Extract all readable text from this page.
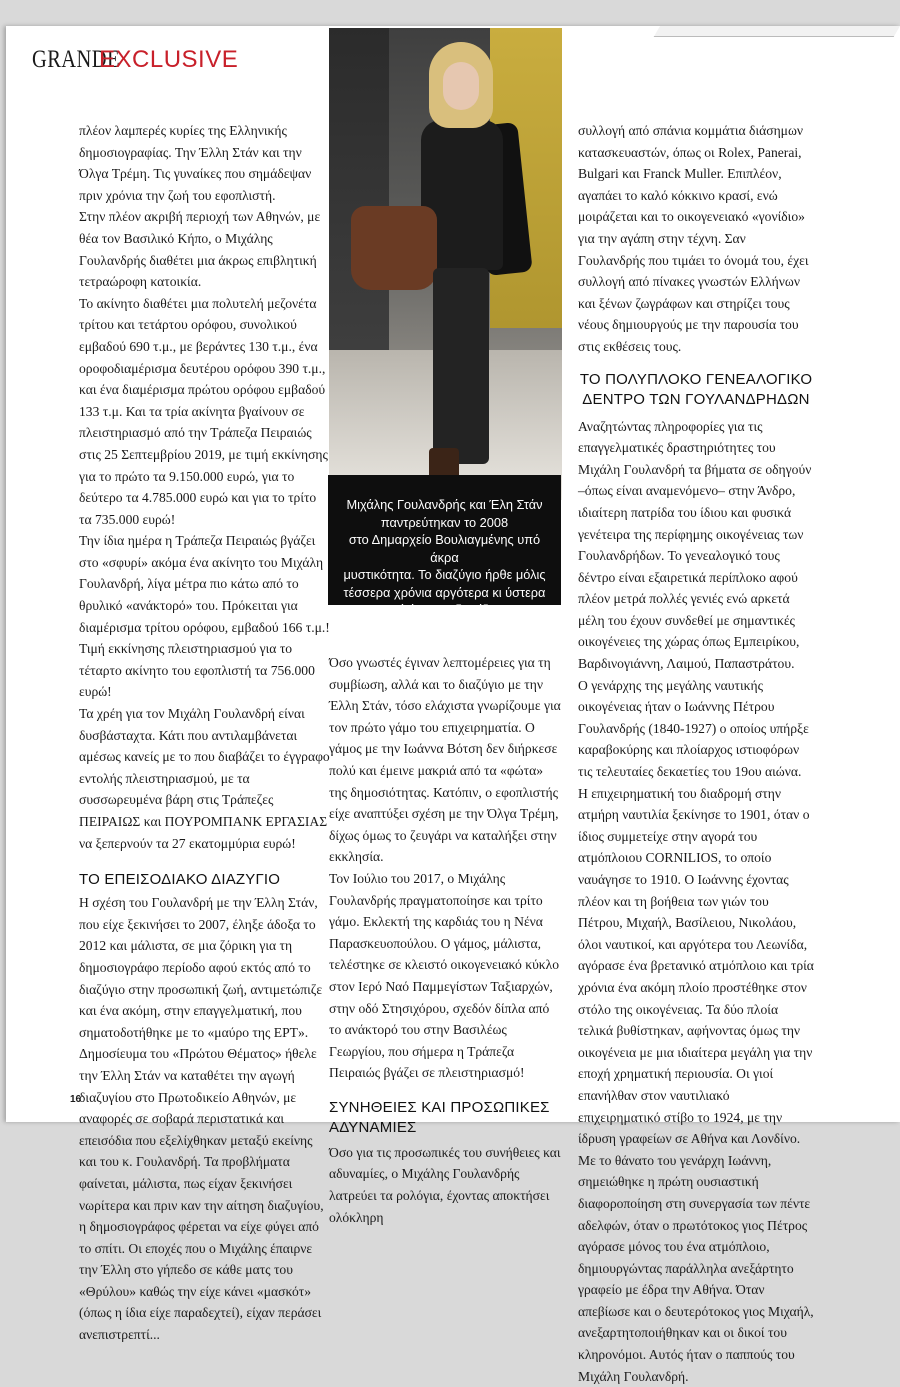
GRANDE
EXCLUSIVE

πλέον λαμπερές κυρίες της Ελληνικής δημοσιογραφίας. Την Έλλη Στάν και την Όλγα Τρέμη. Τις γυναίκες που σημάδεψαν πριν χρόνια την ζωή του εφοπλιστή.

Στην πλέον ακριβή περιοχή των Αθηνών, με θέα τον Βασιλικό Κήπο, ο Μιχάλης Γουλανδρής διαθέτει μια άκρως επιβλητική τετραώροφη κατοικία.

Το ακίνητο διαθέτει μια πολυτελή μεζονέτα τρίτου και τετάρτου ορόφου, συνολικού εμβαδού 690 τ.μ., με βεράντες 130 τ.μ., ένα οροφοδιαμέρισμα δευτέρου ορόφου 390 τ.μ., και ένα διαμέρισμα πρώτου ορόφου εμβαδού 133 τ.μ. Και τα τρία ακίνητα βγαίνουν σε πλειστηριασμό από την Τράπεζα Πειραιώς στις 25 Σεπτεμβρίου 2019, με τιμή εκκίνησης για το πρώτο τα 9.150.000 ευρώ, για το δεύτερο τα 4.785.000 ευρώ και για το τρίτο τα 735.000 ευρώ!

Την ίδια ημέρα η Τράπεζα Πειραιώς βγάζει στο «σφυρί» ακόμα ένα ακίνητο του Μιχάλη Γουλανδρή, λίγα μέτρα πιο κάτω από το θρυλικό «ανάκτορό» του. Πρόκειται για διαμέρισμα τρίτου ορόφου, εμβαδού 166 τ.μ.! Τιμή εκκίνησης πλειστηριασμού για το τέταρτο ακίνητο του εφοπλιστή τα 756.000 ευρώ!

Τα χρέη για τον Μιχάλη Γουλανδρή είναι δυσβάσταχτα. Κάτι που αντιλαμβάνεται αμέσως κανείς με το που διαβάζει το έγγραφο εντολής πλειστηριασμού, με τα συσσωρευμένα βάρη στις Τράπεζες ΠΕΙΡΑΙΩΣ και ΠΟΥΡΟΜΠΑΝΚ ΕΡΓΑΣΙΑΣ να ξεπερνούν τα 27 εκατομμύρια ευρώ!

ΤΟ ΕΠΕΙΣΟΔΙΑΚΟ ΔΙΑΖΥΓΙΟ

Η σχέση του Γουλανδρή με την Έλλη Στάν, που είχε ξεκινήσει το 2007, έληξε άδοξα το 2012 και μάλιστα, σε μια ζόρικη για τη δημοσιογράφο περίοδο αφού εκτός από το διαζύγιο στην προσωπική ζωή, αντιμετώπιζε και ένα ακόμη, στην επαγγελματική, που σηματοδοτήθηκε με το «μαύρο της ΕΡΤ».

Δημοσίευμα του «Πρώτου Θέματος» ήθελε την Έλλη Στάν να καταθέτει την αγωγή διαζυγίου στο Πρωτοδικείο Αθηνών, με αναφορές σε σοβαρά περιστατικά και επεισόδια που εξελίχθηκαν μεταξύ εκείνης και του κ. Γουλανδρή. Τα προβλήματα φαίνεται, μάλιστα, πως είχαν ξεκινήσει νωρίτερα και πριν καν την αίτηση διαζυγίου, η δημοσιογράφος φέρεται να είχε φύγει από το σπίτι. Οι εποχές που ο Μιχάλης έπαιρνε την Έλλη στο γήπεδο σε κάθε ματς του «Θρύλου» καθώς την είχε κάνει «μασκότ» (όπως η ίδια είχε παραδεχτεί), είχαν περάσει ανεπιστρεπτί...

Όσο γνωστές έγιναν λεπτομέρειες για τη συμβίωση, αλλά και το διαζύγιο με την Έλλη Στάν, τόσο ελάχιστα γνωρίζουμε για τον πρώτο γάμο του επιχειρηματία. Ο γάμος με την Ιωάννα Βότση δεν διήρκεσε πολύ και έμεινε μακριά από τα «φώτα» της δημοσιότητας. Κατόπιν, ο εφοπλιστής είχε αναπτύξει σχέση με την Όλγα Τρέμη, δίχως όμως το ζευγάρι να καταλήξει στην εκκλησία.

Τον Ιούλιο του 2017, ο Μιχάλης Γουλανδρής πραγματοποίησε και τρίτο γάμο. Εκλεκτή της καρδιάς του η Νένα Παρασκευοπούλου. Ο γάμος, μάλιστα, τελέστηκε σε κλειστό οικογενειακό κύκλο στον Ιερό Ναό Παμμεγίστων Ταξιαρχών, στην οδό Στησιχόρου, σχεδόν δίπλα από το ανάκτορό του στην Βασιλέως Γεωργίου, που σήμερα η Τράπεζα Πειραιώς βγάζει σε πλειστηριασμό!

ΣΥΝΗΘΕΙΕΣ ΚΑΙ ΠΡΟΣΩΠΙΚΕΣ ΑΔΥΝΑΜΙΕΣ

Όσο για τις προσωπικές του συνήθειες και αδυναμίες, ο Μιχάλης Γουλανδρής λατρεύει τα ρολόγια, έχοντας αποκτήσει ολόκληρη

συλλογή από σπάνια κομμάτια διάσημων κατασκευαστών, όπως οι Rolex, Panerai, Bulgari και Franck Muller. Επιπλέον, αγαπάει το καλό κόκκινο κρασί, ενώ μοιράζεται και το οικογενειακό «γονίδιο» για την αγάπη στην τέχνη. Σαν Γουλανδρής που τιμάει το όνομά του, έχει συλλογή από πίνακες γνωστών Ελλήνων και ξένων ζωγράφων και στηρίζει τους νέους δημιουργούς με την παρουσία του στις εκθέσεις τους.

ΤΟ ΠΟΛΥΠΛΟΚΟ ΓΕΝΕΑΛΟΓΙΚΟ ΔΕΝΤΡΟ ΤΩΝ ΓΟΥΛΑΝΔΡΗΔΩΝ

Αναζητώντας πληροφορίες για τις επαγγελματικές δραστηριότητες του Μιχάλη Γουλανδρή τα βήματα σε οδηγούν –όπως είναι αναμενόμενο– στην Άνδρο, ιδιαίτερη πατρίδα του ίδιου και φυσικά γενέτειρα της περίφημης οικογένειας των Γουλανδρήδων. Το γενεαλογικό τους δέντρο είναι εξαιρετικά περίπλοκο αφού πλέον μετρά πολλές γενιές ενώ αρκετά μέλη του έχουν συνδεθεί με σημαντικές οικογένειες της χώρας όπως Εμπειρίκου, Βαρδινογιάννη, Λαιμού, Παπαστράτου.

Ο γενάρχης της μεγάλης ναυτικής οικογένειας ήταν ο Ιωάννης Πέτρου Γουλανδρής (1840-1927) ο οποίος υπήρξε καραβοκύρης και πλοίαρχος ιστιοφόρων τις τελευταίες δεκαετίες του 19ου αιώνα. Η επιχειρηματική του διαδρομή στην ατμήρη ναυτιλία ξεκίνησε το 1901, όταν ο ίδιος συμμετείχε στην αγορά του ατμόπλοιου CORNILIOS, το οποίο ναυάγησε το 1910. Ο Ιωάννης έχοντας πλέον και τη βοήθεια των γιών του Πέτρου, Μιχαήλ, Βασίλειου, Νικολάου, όλοι ναυτικοί, και αργότερα του Λεωνίδα, αγόρασε ένα βρετανικό ατμόπλοιο και τρία χρόνια ένα ακόμη πλοίο προστέθηκε στον στόλο της οικογένειας. Τα δύο πλοία τελικά βυθίστηκαν, αφήνοντας όμως την οικογένεια με μια ιδιαίτερα μεγάλη για την εποχή χρηματική περιουσία. Οι γιοί επανήλθαν στον ναυτιλιακό επιχειρηματικό στίβο το 1924, με την ίδρυση γραφείων σε Αθήνα και Λονδίνο. Με το θάνατο του γενάρχη Ιωάννη, σημειώθηκε η πρώτη ουσιαστική διαφοροποίηση στη συνεργασία των πέντε αδελφών, όταν ο πρωτότοκος γιος Πέτρος αγόρασε μόνος του ένα ατμόπλοιο, δημιουργώντας παράλληλα ανεξάρτητο γραφείο με έδρα την Αθήνα. Όταν απεβίωσε και ο δευτερότοκος γιος Μιχαήλ, ανεξαρτητοποιήθηκαν και οι δικοί του κληρονόμοι. Αυτός ήταν ο παππούς του Μιχάλη Γουλανδρή.

16
Μιχάλης Γουλανδρής και Έλη Στάν
παντρεύτηκαν το 2008
στο Δημαρχείο Βουλιαγμένης υπό άκρα
μυστικότητα. Το διαζύγιο ήρθε μόλις
τέσσερα χρόνια αργότερα κι ύστερα
από έντονες διενέξεις.
